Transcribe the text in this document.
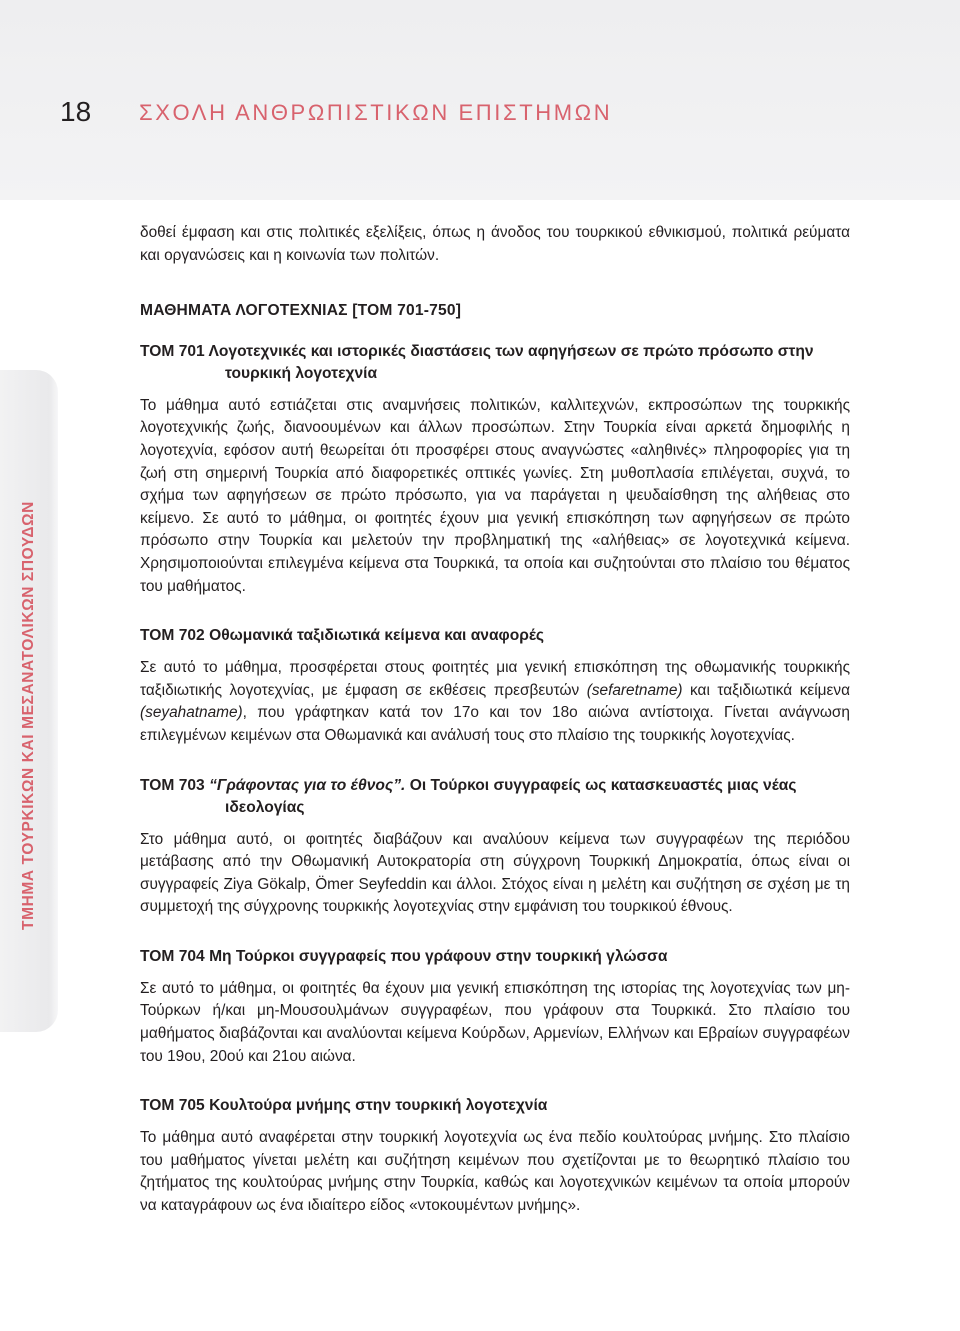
18 ΣΧΟΛΗ ΑΝΘΡΩΠΙΣΤΙΚΩΝ ΕΠΙΣΤΗΜΩΝ
ΤΜΗΜΑ ΤΟΥΡΚΙΚΩΝ ΚΑΙ ΜΕΣΑΝΑΤΟΛΙΚΩΝ ΣΠΟΥΔΩΝ

δοθεί έμφαση και στις πολιτικές εξελίξεις, όπως η άνοδος του τουρκικού εθνικισμού, πολιτικά ρεύματα και οργανώσεις και η κοινωνία των πολιτών.

ΜΑΘΗΜΑΤΑ ΛΟΓΟΤΕΧΝΙΑΣ [ΤΟΜ 701-750]
ΤΟΜ 701 Λογοτεχνικές και ιστορικές διαστάσεις των αφηγήσεων σε πρώτο πρόσωπο στην τουρκική λογοτεχνία

Το μάθημα αυτό εστιάζεται στις αναμνήσεις πολιτικών, καλλιτεχνών, εκπροσώπων της τουρκικής λογοτεχνικής ζωής, διανοουμένων και άλλων προσώπων. Στην Τουρκία είναι αρκετά δημοφιλής η λογοτεχνία, εφόσον αυτή θεωρείται ότι προσφέρει στους αναγνώστες «αληθινές» πληροφορίες για τη ζωή στη σημερινή Τουρκία από διαφορετικές οπτικές γωνίες. Στη μυθοπλασία επιλέγεται, συχνά, το σχήμα των αφηγήσεων σε πρώτο πρόσωπο, για να παράγεται η ψευδαίσθηση της αλήθειας στο κείμενο. Σε αυτό το μάθημα, οι φοιτητές έχουν μια γενική επισκόπηση των αφηγήσεων σε πρώτο πρόσωπο στην Τουρκία και μελετούν την προβληματική της «αλήθειας» σε λογοτεχνικά κείμενα. Χρησιμοποιούνται επιλεγμένα κείμενα στα Τουρκικά, τα οποία και συζητούνται στο πλαίσιο του θέματος του μαθήματος.

ΤΟΜ 702 Οθωμανικά ταξιδιωτικά κείμενα και αναφορές

Σε αυτό το μάθημα, προσφέρεται στους φοιτητές μια γενική επισκόπηση της οθωμανικής τουρκικής ταξιδιωτικής λογοτεχνίας, με έμφαση σε εκθέσεις πρεσβευτών (sefaretname) και ταξιδιωτικά κείμενα (seyahatname), που γράφτηκαν κατά τον 17ο και τον 18ο αιώνα αντίστοιχα. Γίνεται ανάγνωση επιλεγμένων κειμένων στα Οθωμανικά και ανάλυσή τους στο πλαίσιο της τουρκικής λογοτεχνίας.

ΤΟΜ 703 “Γράφοντας για το έθνος”. Οι Τούρκοι συγγραφείς ως κατασκευαστές μιας νέας ιδεολογίας

Στο μάθημα αυτό, οι φοιτητές διαβάζουν και αναλύουν κείμενα των συγγραφέων της περιόδου μετάβασης από την Οθωμανική Αυτοκρατορία στη σύγχρονη Τουρκική Δημοκρατία, όπως είναι οι συγγραφείς Ziya Gökalp, Ömer Seyfeddin και άλλοι. Στόχος είναι η μελέτη και συζήτηση σε σχέση με τη συμμετοχή της σύγχρονης τουρκικής λογοτεχνίας στην εμφάνιση του τουρκικού έθνους.

ΤΟΜ 704 Μη Τούρκοι συγγραφείς που γράφουν στην τουρκική γλώσσα

Σε αυτό το μάθημα, οι φοιτητές θα έχουν μια γενική επισκόπηση της ιστορίας της λογοτεχνίας των μη-Τούρκων ή/και μη-Μουσουλμάνων συγγραφέων, που γράφουν στα Τουρκικά. Στο πλαίσιο του μαθήματος διαβάζονται και αναλύονται κείμενα Κούρδων, Αρμενίων, Ελλήνων και Εβραίων συγγραφέων του 19ου, 20ού και 21ου αιώνα.

ΤΟΜ 705 Κουλτούρα μνήμης στην τουρκική λογοτεχνία

Το μάθημα αυτό αναφέρεται στην τουρκική λογοτεχνία ως ένα πεδίο κουλτούρας μνήμης. Στο πλαίσιο του μαθήματος γίνεται μελέτη και συζήτηση κειμένων που σχετίζονται με το θεωρητικό πλαίσιο του ζητήματος της κουλτούρας μνήμης στην Τουρκία, καθώς και λογοτεχνικών κειμένων τα οποία μπορούν να καταγράφουν ως ένα ιδιαίτερο είδος «ντοκουμέντων μνήμης».
